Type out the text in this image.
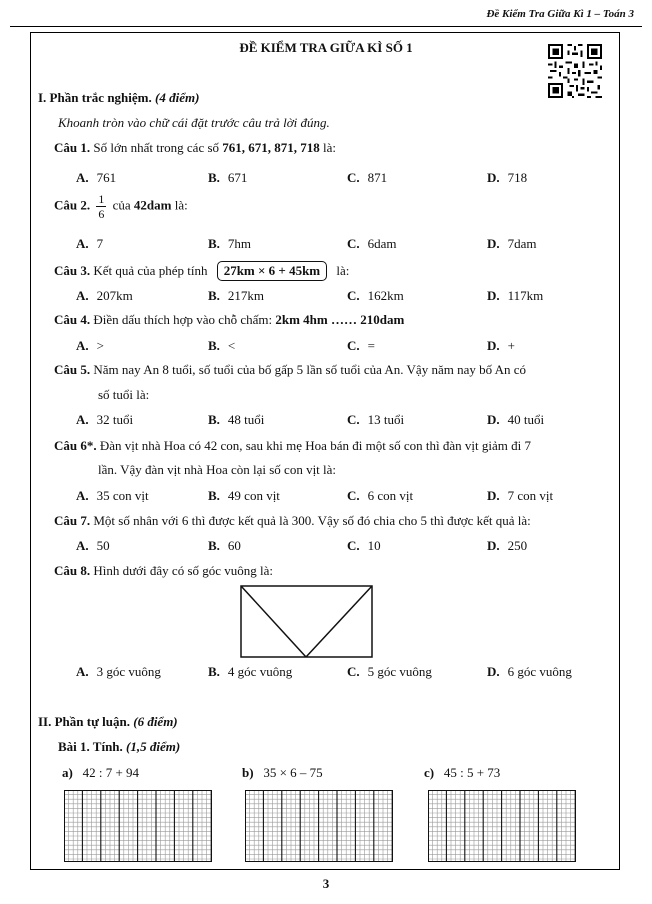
Đề Kiểm Tra Giữa Kì 1 – Toán 3
ĐỀ KIỂM TRA GIỮA KÌ SỐ 1
I. Phần trắc nghiệm. (4 điểm)
Khoanh tròn vào chữ cái đặt trước câu trả lời đúng.
Câu 1. Số lớn nhất trong các số 761, 671, 871, 718 là:
Câu 2. $\frac{1}{6}$ của 42dam là:
Câu 3. Kết quả của phép tính 27km × 6 + 45km là:
Câu 4. Điền dấu thích hợp vào chỗ chấm: 2km 4hm …… 210dam
Câu 5. Năm nay An 8 tuổi, số tuổi của bố gấp 5 lần số tuổi của An. Vậy năm nay bố An có
số tuổi là:
Câu 6*. Đàn vịt nhà Hoa có 42 con, sau khi mẹ Hoa bán đi một số con thì đàn vịt giảm đi 7
lần. Vậy đàn vịt nhà Hoa còn lại số con vịt là:
Câu 7. Một số nhân với 6 thì được kết quả là 300. Vậy số đó chia cho 5 thì được kết quả là:
Câu 8. Hình dưới đây có số góc vuông là:
A. 761	B. 671	C. 871	D. 718
A. 7	B. 7hm	C. 6dam	D. 7dam
A. 207km	B. 217km	C. 162km	D. 117km
A. >	B. <	C. =	D. +
A. 32 tuổi	B. 48 tuổi	C. 13 tuổi	D. 40 tuổi
A. 35 con vịt	B. 49 con vịt	C. 6 con vịt	D. 7 con vịt
A. 50	B. 60	C. 10	D. 250
A. 3 góc vuông	B. 4 góc vuông	C. 5 góc vuông	D. 6 góc vuông
II. Phần tự luận. (6 điểm)
Bài 1. Tính. (1,5 điểm)
a) 42 : 7 + 94	b) 35 × 6 – 75	c) 45 : 5 + 73
3
